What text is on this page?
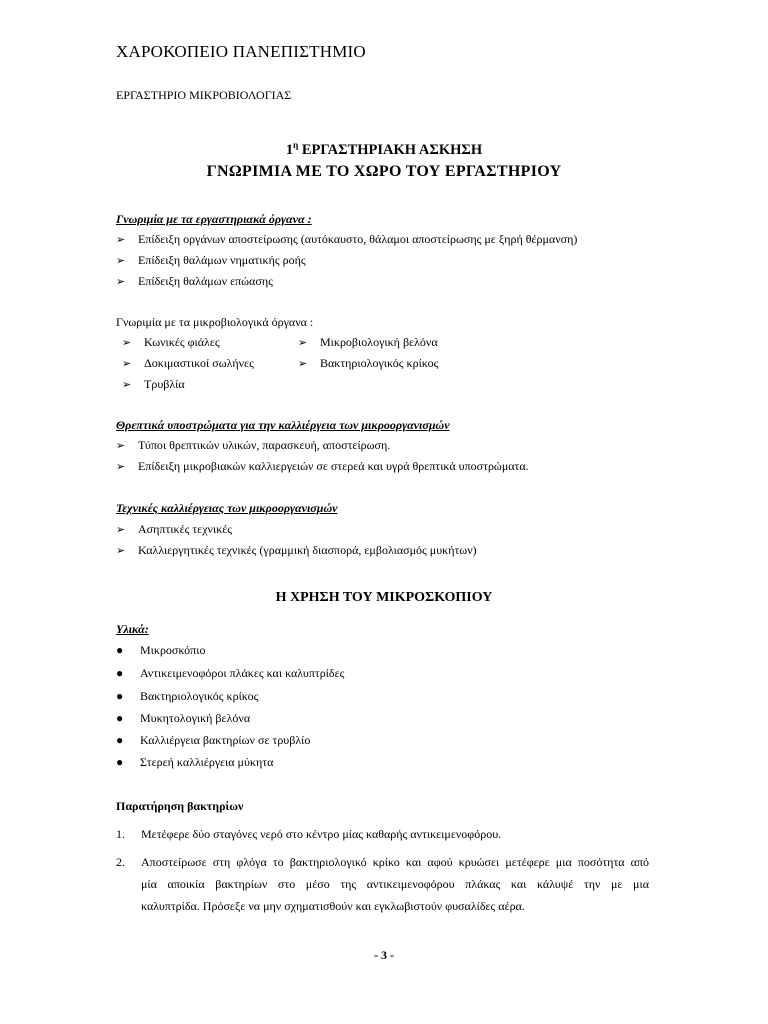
ΧΑΡΟΚΟΠΕΙΟ ΠΑΝΕΠΙΣΤΗΜΙΟ
ΕΡΓΑΣΤΗΡΙΟ ΜΙΚΡΟΒΙΟΛΟΓΙΑΣ
$1^\eta$ ΕΡΓΑΣΤΗΡΙΑΚΗ ΑΣΚΗΣΗ
ΓΝΩΡΙΜΙΑ ΜΕ ΤΟ ΧΩΡΟ ΤΟΥ ΕΡΓΑΣΤΗΡΙΟΥ
Γνωριμία με τα εργαστηριακά όργανα :
➢	Επίδειξη οργάνων αποστείρωσης (αυτόκαυστο, θάλαμοι αποστείρωσης με ξηρή θέρμανση)
➢	Επίδειξη θαλάμων νηματικής ροής
➢	Επίδειξη θαλάμων επώασης
Γνωριμία με τα μικροβιολογικά όργανα :
➢	Κωνικές φιάλες
➢	Δοκιμαστικοί σωλήνες
➢	Τρυβλία
➢	Μικροβιολογική βελόνα
➢	Βακτηριολογικός κρίκος
Θρεπτικά υποστρώματα για την καλλιέργεια των μικροοργανισμών
➢	Τύποι θρεπτικών υλικών, παρασκευή, αποστείρωση.
➢	Επίδειξη μικροβιακών καλλιεργειών σε στερεά και υγρά θρεπτικά υποστρώματα.
Τεχνικές καλλιέργειας των μικροοργανισμών
➢	Ασηπτικές τεχνικές
➢	Καλλιεργητικές τεχνικές (γραμμική διασπορά, εμβολιασμός μυκήτων)
Η ΧΡΗΣΗ ΤΟΥ ΜΙΚΡΟΣΚΟΠΙΟΥ
Υλικά:
●	Μικροσκόπιο
●	Αντικειμενοφόροι πλάκες και καλυπτρίδες
●	Βακτηριολογικός κρίκος
●	Μυκητολογική βελόνα
●	Καλλιέργεια βακτηρίων σε τρυβλίο
●	Στερεή καλλιέργεια μύκητα
Παρατήρηση βακτηρίων
1. Μετέφερε δύο σταγόνες νερό στο κέντρο μίας καθαρής αντικειμενοφόρου.
2. Αποστείρωσε στη φλόγα το βακτηριολογικό κρίκο και αφού κρυώσει μετέφερε μια ποσότητα από
μία αποικία βακτηρίων στο μέσο της αντικειμενοφόρου πλάκας και κάλυψέ την με μια
καλυπτρίδα. Πρόσεξε να μην σχηματισθούν και εγκλωβιστούν φυσαλίδες αέρα.
- 3 -
